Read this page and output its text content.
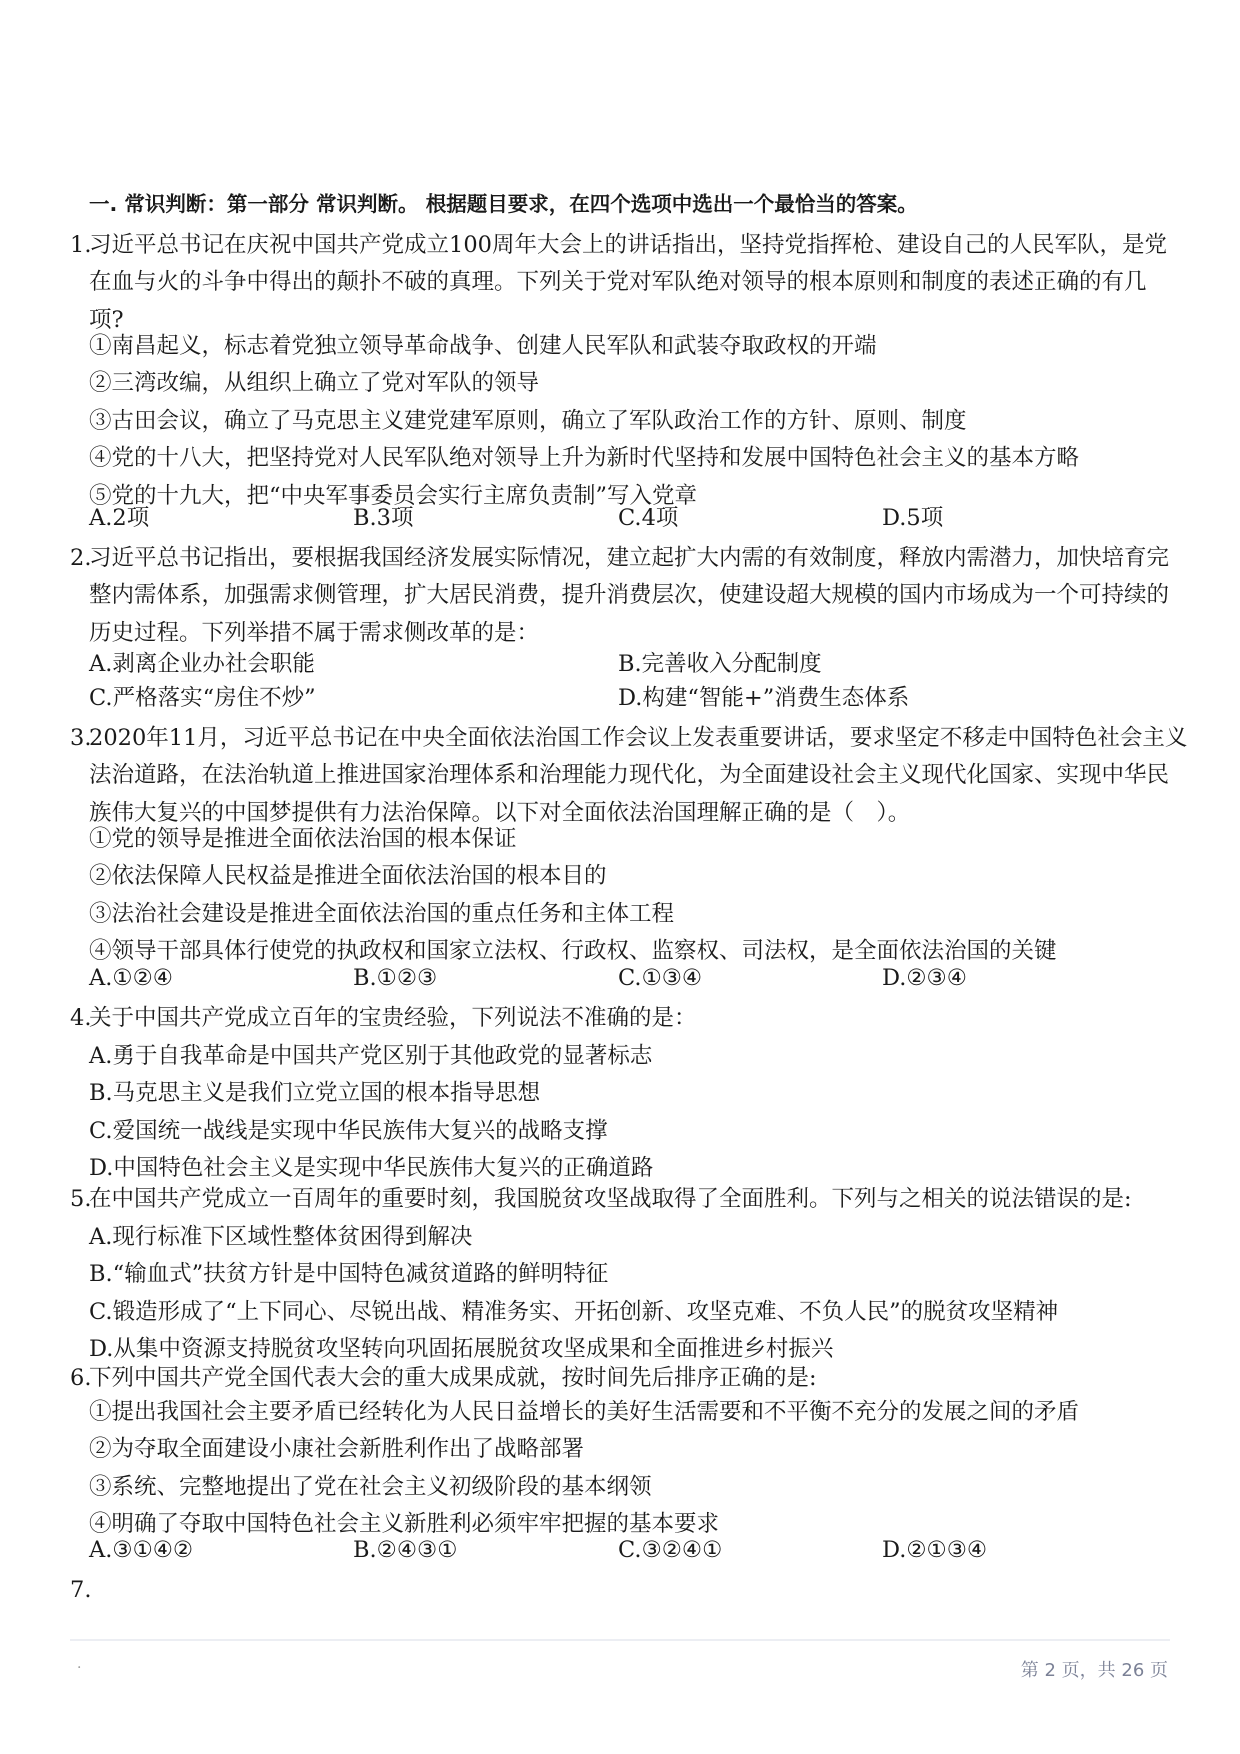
一. 常识判断：第一部分 常识判断。 根据题目要求，在四个选项中选出一个最恰当的答案。
1.
习近平总书记在庆祝中国共产党成立100周年大会上的讲话指出，坚持党指挥枪、建设自己的人民军队，是党
在血与火的斗争中得出的颠扑不破的真理。下列关于党对军队绝对领导的根本原则和制度的表述正确的有几
项?
①南昌起义，标志着党独立领导革命战争、创建人民军队和武装夺取政权的开端
②三湾改编，从组织上确立了党对军队的领导
③古田会议，确立了马克思主义建党建军原则，确立了军队政治工作的方针、原则、制度
④党的十八大，把坚持党对人民军队绝对领导上升为新时代坚持和发展中国特色社会主义的基本方略
⑤党的十九大，把“中央军事委员会实行主席负责制”写入党章
A.2项	B.3项	C.4项	D.5项
2.
习近平总书记指出，要根据我国经济发展实际情况，建立起扩大内需的有效制度，释放内需潜力，加快培育完
整内需体系，加强需求侧管理，扩大居民消费，提升消费层次，使建设超大规模的国内市场成为一个可持续的
历史过程。下列举措不属于需求侧改革的是：
A.剥离企业办社会职能	B.完善收入分配制度
C.严格落实“房住不炒”	D.构建“智能+”消费生态体系
3.
2020年11月，习近平总书记在中央全面依法治国工作会议上发表重要讲话，要求坚定不移走中国特色社会主义
法治道路，在法治轨道上推进国家治理体系和治理能力现代化，为全面建设社会主义现代化国家、实现中华民
族伟大复兴的中国梦提供有力法治保障。以下对全面依法治国理解正确的是（　）。
①党的领导是推进全面依法治国的根本保证
②依法保障人民权益是推进全面依法治国的根本目的
③法治社会建设是推进全面依法治国的重点任务和主体工程
④领导干部具体行使党的执政权和国家立法权、行政权、监察权、司法权，是全面依法治国的关键
A.①②④	B.①②③	C.①③④	D.②③④
4.
关于中国共产党成立百年的宝贵经验，下列说法不准确的是：
A.勇于自我革命是中国共产党区别于其他政党的显著标志
B.马克思主义是我们立党立国的根本指导思想
C.爱国统一战线是实现中华民族伟大复兴的战略支撑
D.中国特色社会主义是实现中华民族伟大复兴的正确道路
5.
在中国共产党成立一百周年的重要时刻，我国脱贫攻坚战取得了全面胜利。下列与之相关的说法错误的是:
A.现行标准下区域性整体贫困得到解决
B.“输血式”扶贫方针是中国特色减贫道路的鲜明特征
C.锻造形成了“上下同心、尽锐出战、精准务实、开拓创新、攻坚克难、不负人民”的脱贫攻坚精神
D.从集中资源支持脱贫攻坚转向巩固拓展脱贫攻坚成果和全面推进乡村振兴
6.
下列中国共产党全国代表大会的重大成果成就，按时间先后排序正确的是:
①提出我国社会主要矛盾已经转化为人民日益增长的美好生活需要和不平衡不充分的发展之间的矛盾
②为夺取全面建设小康社会新胜利作出了战略部署
③系统、完整地提出了党在社会主义初级阶段的基本纲领
④明确了夺取中国特色社会主义新胜利必须牢牢把握的基本要求
A.③①④②	B.②④③①	C.③②④①	D.②①③④
7.
·	第 2 页，共 26 页
